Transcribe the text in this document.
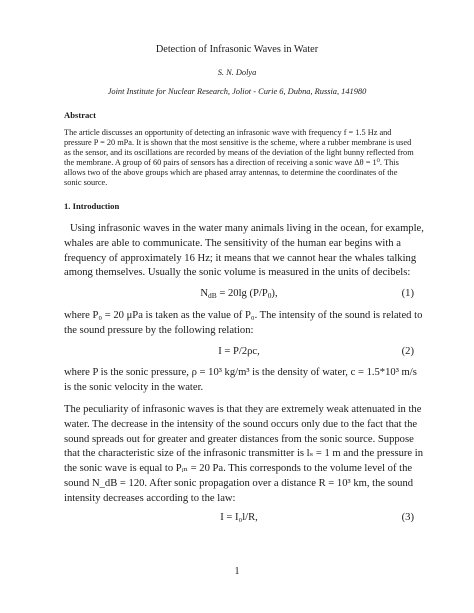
Detection of Infrasonic Waves in Water
S. N. Dolya
Joint Institute for Nuclear Research, Joliot - Curie 6, Dubna, Russia, 141980
Abstract
The article discusses an opportunity of detecting an infrasonic wave with frequency f = 1.5 Hz and pressure P = 20 mPa. It is shown that the most sensitive is the scheme, where a rubber membrane is used as the sensor, and its oscillations are recorded by means of the deviation of the light bunny reflected from the membrane. A group of 60 pairs of sensors has a direction of receiving a sonic wave Δθ = 1⁰. This allows two of the above groups which are phased array antennas, to determine the coordinates of the sonic source.
1. Introduction
Using infrasonic waves in the water many animals living in the ocean, for example, whales are able to communicate. The sensitivity of the human ear begins with a frequency of approximately 16 Hz; it means that we cannot hear the whales talking among themselves. Usually the sonic volume is measured in the units of decibels:
$N_{dB} = 20\lg$ $(P/P_0)$,	(1)
where P₀ = 20 μPa is taken as the value of P₀. The intensity of the sound is related to the sound pressure by the following relation:
I = P/2ρc,	(2)
where P is the sonic pressure, ρ = 10³ kg/m³ is the density of water, c = 1.5*10³ m/s is the sonic velocity in the water.
The peculiarity of infrasonic waves is that they are extremely weak attenuated in the water. The decrease in the intensity of the sound occurs only due to the fact that the sound spreads out for greater and greater distances from the sonic source. Suppose that the characteristic size of the infrasonic transmitter is lₛ = 1 m and the pressure in the sonic wave is equal to Pᵢₙ = 20 Pa. This corresponds to the volume level of the sound N_dB = 120. After sonic propagation over a distance R = 10³ km, the sound intensity decreases according to the law:
I = I₀l/R,	(3)
1
